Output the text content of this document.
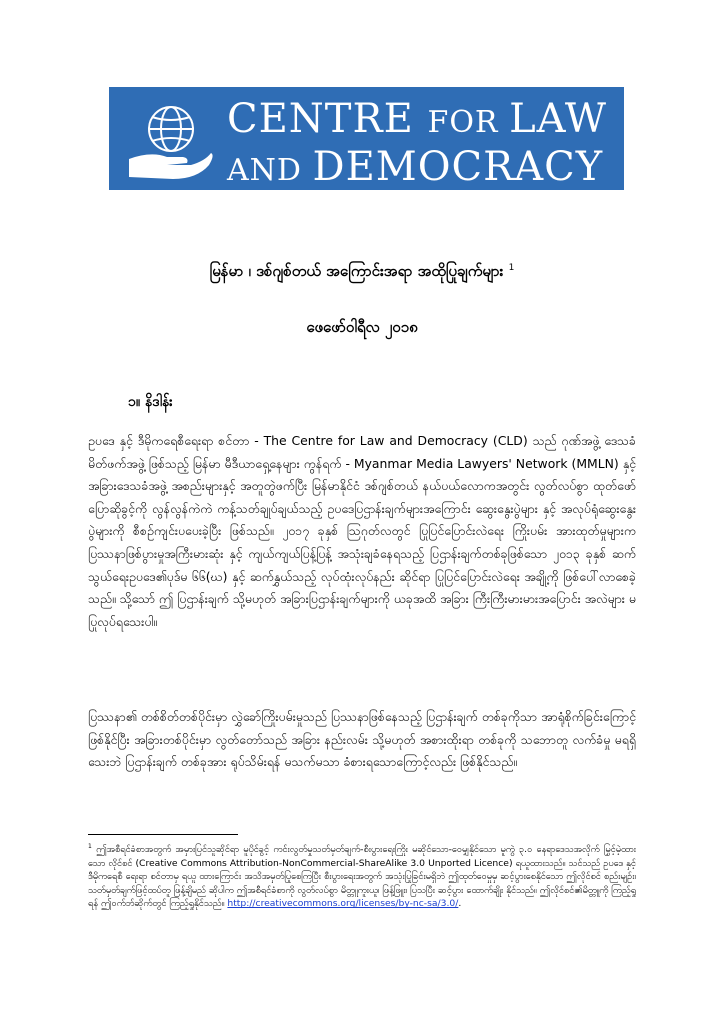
CENTRE FOR LAW
AND DEMOCRACY
မြန်မာ ၊ ဒစ်ဂျစ်တယ် အကြောင်းအရာ အထိုပြုချက်များ $^1$
ဖေဖော်ဝါရီလ ၂၀၁၈
၁။ နိဒါန်း
ဥပဒေ နှင့် ဒီမိုကရေစီရေးရာ စင်တာ - The Centre for Law and Democracy (CLD) သည် ဂုဏ်အဖွဲ့ ဒေသခံမိတ်ဖက်အဖွဲ့ ဖြစ်သည့် မြန်မာ မီဒီယာရှေ့နေများ ကွန်ရက် - Myanmar Media Lawyers' Network (MMLN) နှင့် အခြားဒေသခံအဖွဲ့ အစည်းများနှင့် အတူတွဲဖက်ပြီး မြန်မာနိုင်ငံ ဒစ်ဂျစ်တယ် နယ်ပယ်လောကအတွင်း လွတ်လပ်စွာ ထုတ်ဖော်ပြောဆိုခွင့်ကို လွန်လွန်ကဲကဲ ကန့်သတ်ချုပ်ချယ်သည့် ဥပဒေပြဌာန်းချက်များအကြောင်း ဆွေးနွေးပွဲများ နှင့် အလုပ်ရုံဆွေးနွေးပွဲများကို စီစဉ်ကျင်းပပေးခဲ့ပြီး ဖြစ်သည်။ ၂၀၁၇ ခုနှစ် သြဂုတ်လတွင် ပြုပြင်ပြောင်းလဲရေး ကြိုးပမ်း အားထုတ်မှုများက ပြဿနာဖြစ်ပွားမှုအကြီးမားဆုံး နှင့် ကျယ်ကျယ်ပြန့်ပြန့် အသုံးချခံနေရသည့် ပြဌာန်းချက်တစ်ခုဖြစ်သော ၂၀၁၃ ခုနှစ် ဆက်သွယ်ရေးဥပဒေ၏ပုဒ်မ ၆၆(ဃ) နှင့် ဆက်နွှယ်သည့် လုပ်ထုံးလုပ်နည်း ဆိုင်ရာ ပြုပြင်ပြောင်းလဲရေး အချို့ကို ဖြစ်ပေါ်လာစေခဲ့သည်။ သို့သော် ဤ ပြဌာန်းချက် သို့မဟုတ် အခြားပြဌာန်းချက်များကို ယခုအထိ အခြား ကြီးကြီးမားမားအပြောင်း အလဲများ မပြုလုပ်ရသေးပါ။
ပြဿနာ၏ တစ်စိတ်တစ်ပိုင်းမှာ လွှဲခော်ကြိုးပမ်းမှုသည် ပြဿနာဖြစ်နေသည့် ပြဌာန်းချက် တစ်ခုကိုသာ အာရုံစိုက်ခြင်းကြောင့် ဖြစ်နိုင်ပြီး အခြားတစ်ပိုင်းမှာ လွတ်တော်သည် အခြား နည်းလမ်း သို့မဟုတ် အစားထိုးရာ တစ်ခုကို သဘောတူ လက်ခံမှု မရရှိသေးဘဲ ပြဌာန်းချက် တစ်ခုအား ရုပ်သိမ်းရန် မသက်မသာ ခံစားရသောကြောင့်လည်း ဖြစ်နိုင်သည်။
$^1$ ဤအစီရင်ခံစာအတွက် အမှားပြင်သူဆိုင်ရာ မူပိုင်ခွင့် ကင်းလွတ်မှုသတ်မှတ်ချက်-စီးပွားရေးကြိုး မဆိုင်သော-ဝေမျှနိုင်သော မူကွဲ ၃.၀ နေရာဒေသအလိုက် မြှင့်မဲ့ထားသော လိုင်စင် (Creative Commons Attribution-NonCommercial-ShareAlike 3.0 Unported Licence) ရယူထားသည်။ သင်သည် ဥပဒေ နှင့် ဒီမိုကရေစီ ရေးရာ စင်တာမှ ရယူ ထားကြောင်း အသိအမှတ်ပြုစေကြပြီး စီးပွားရေးအတွက် အသုံးပြုခြင်းမရှိဘဲ ဤထုတ်ဝေမှုမှ ဆင့်ပွားစေနိုင်သော ဤလိုင်စင် စည်းမျဉ်း၊ သတ်မှတ်ချက်ဖြင့်ထပ်တူ ဖြန့်ချိမည် ဆိုပါက ဤအစီရင်ခံစာကို လွတ်လပ်စွာ မိတ္တူကူးယူ၊ ဖြန့်ဖြူး၊ ပြသပြီး ဆင့်ပွား ထောက်ချိုး နိုင်သည်။ ဤလိုင်စင်၏မိတ္တူကို ကြည့်ရှုရန် ဤဝက်ဘ်ဆိုက်တွင် ကြည့်ရှုနိုင်သည်။ http://creativecommons.org/licenses/by-nc-sa/3.0/.
